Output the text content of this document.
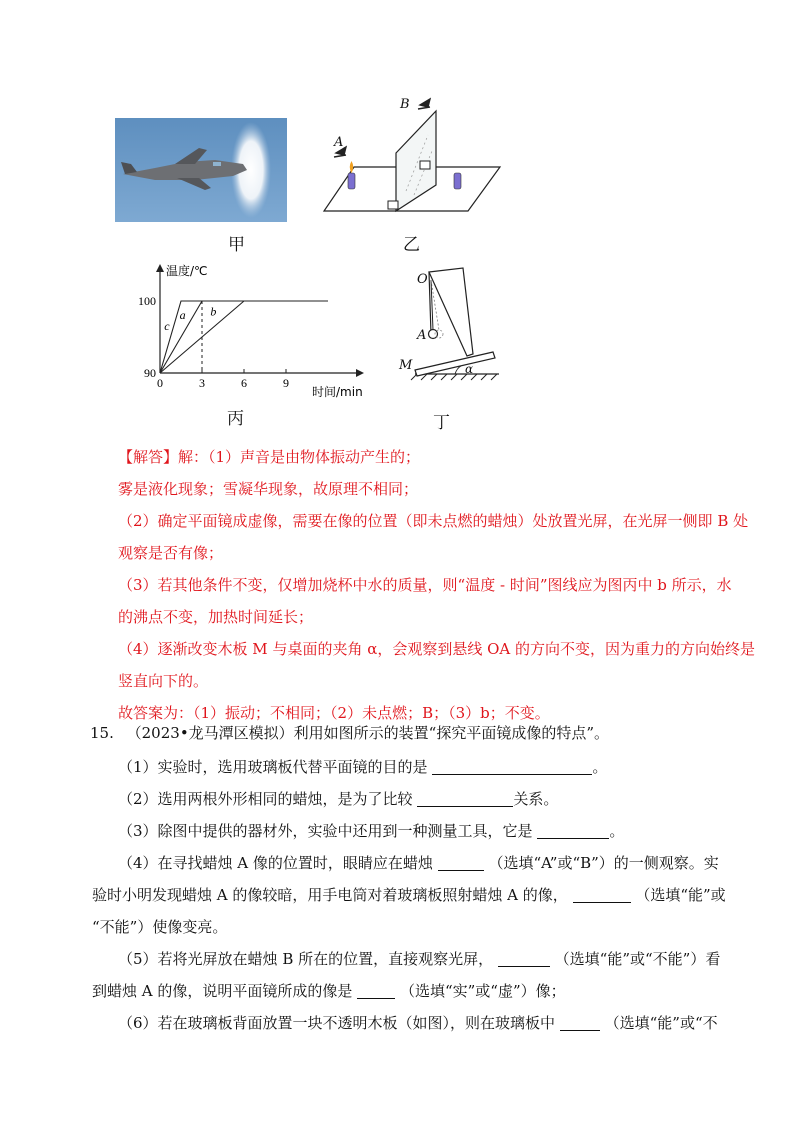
甲
B
A
乙
温度/℃
时间/min
90
100
0	3	6	9
c
a b
丙
O
A
M	α
丁
【解答】解：（1）声音是由物体振动产生的；
雾是液化现象；雪凝华现象，故原理不相同；
（2）确定平面镜成虚像，需要在像的位置（即未点燃的蜡烛）处放置光屏，在光屏一侧即 B 处
观察是否有像；
（3）若其他条件不变，仅增加烧杯中水的质量，则“温度 - 时间”图线应为图丙中 b 所示，水
的沸点不变，加热时间延长；
（4）逐渐改变木板 M 与桌面的夹角 α，会观察到悬线 OA 的方向不变，因为重力的方向始终是
竖直向下的。
故答案为：（1）振动；不相同；（2）未点燃；B；（3）b；不变。
15. （2023•龙马潭区模拟）利用如图所示的装置“探究平面镜成像的特点”。
（1）实验时，选用玻璃板代替平面镜的目的是	。
（2）选用两根外形相同的蜡烛，是为了比较	关系。
（3）除图中提供的器材外，实验中还用到一种测量工具，它是	。
（4）在寻找蜡烛 A 像的位置时，眼睛应在蜡烛	（选填“A”或“B”）的一侧观察。实
验时小明发现蜡烛 A 的像较暗，用手电筒对着玻璃板照射蜡烛 A 的像，	（选填“能”或
“不能”）使像变亮。
（5）若将光屏放在蜡烛 B 所在的位置，直接观察光屏，	（选填“能”或“不能”）看
到蜡烛 A 的像，说明平面镜所成的像是	（选填“实”或“虚”）像；
（6）若在玻璃板背面放置一块不透明木板（如图），则在玻璃板中	（选填“能”或“不
